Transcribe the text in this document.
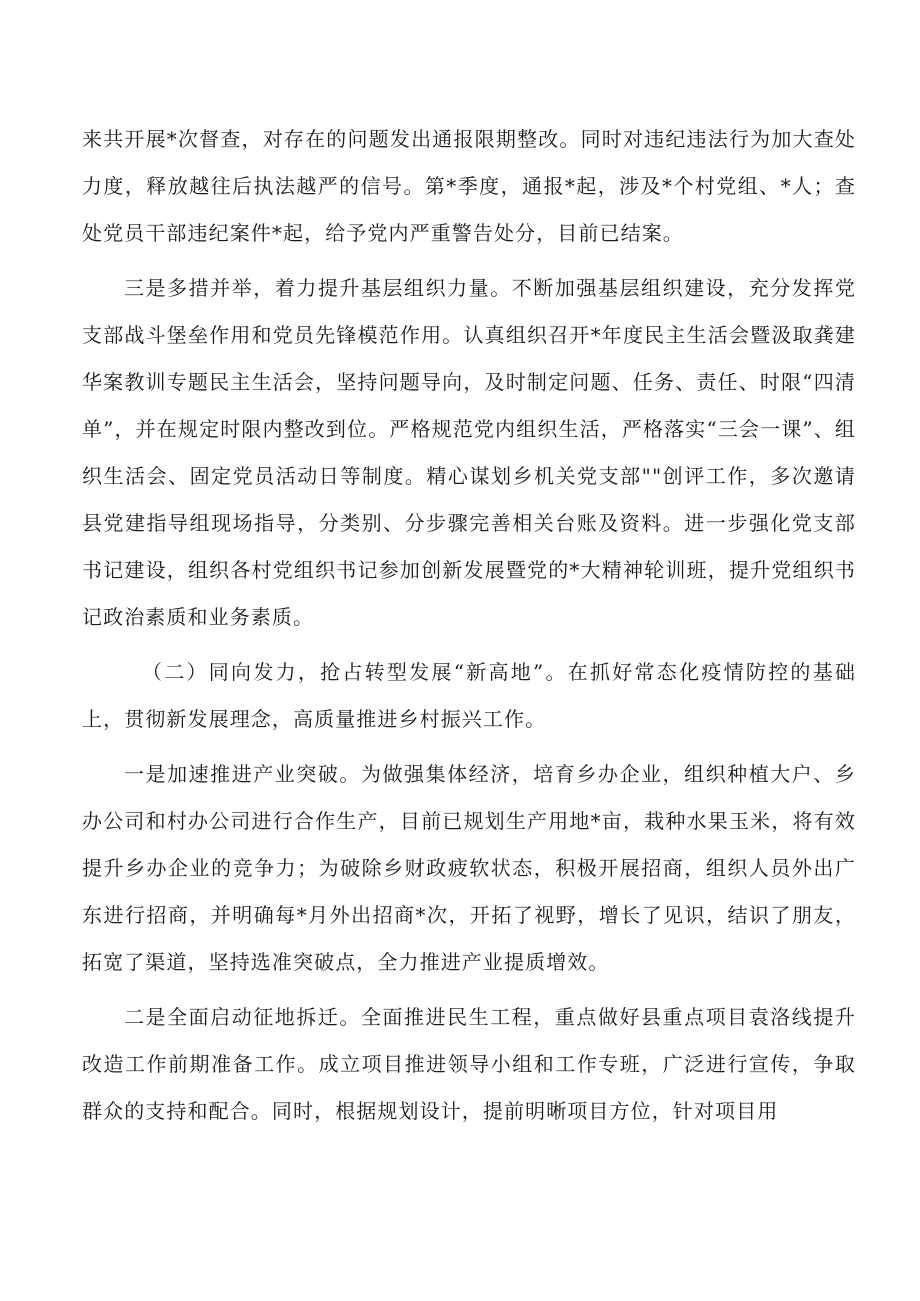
来共开展*次督查，对存在的问题发出通报限期整改。同时对违纪违法行为加大查处力度，释放越往后执法越严的信号。第*季度，通报*起，涉及*个村党组、*人；查处党员干部违纪案件*起，给予党内严重警告处分，目前已结案。

三是多措并举，着力提升基层组织力量。不断加强基层组织建设，充分发挥党支部战斗堡垒作用和党员先锋模范作用。认真组织召开*年度民主生活会暨汲取龚建华案教训专题民主生活会，坚持问题导向，及时制定问题、任务、责任、时限“四清单”，并在规定时限内整改到位。严格规范党内组织生活，严格落实“三会一课”、组织生活会、固定党员活动日等制度。精心谋划乡机关党支部""创评工作，多次邀请县党建指导组现场指导，分类别、分步骤完善相关台账及资料。进一步强化党支部书记建设，组织各村党组织书记参加创新发展暨党的*大精神轮训班，提升党组织书记政治素质和业务素质。

（二）同向发力，抢占转型发展“新高地”。在抓好常态化疫情防控的基础上，贯彻新发展理念，高质量推进乡村振兴工作。

一是加速推进产业突破。为做强集体经济，培育乡办企业，组织种植大户、乡办公司和村办公司进行合作生产，目前已规划生产用地*亩，栽种水果玉米，将有效提升乡办企业的竞争力；为破除乡财政疲软状态，积极开展招商，组织人员外出广东进行招商，并明确每*月外出招商*次，开拓了视野，增长了见识，结识了朋友，拓宽了渠道，坚持选准突破点，全力推进产业提质增效。

二是全面启动征地拆迁。全面推进民生工程，重点做好县重点项目袁洛线提升改造工作前期准备工作。成立项目推进领导小组和工作专班，广泛进行宣传，争取群众的支持和配合。同时，根据规划设计，提前明晰项目方位，针对项目用
